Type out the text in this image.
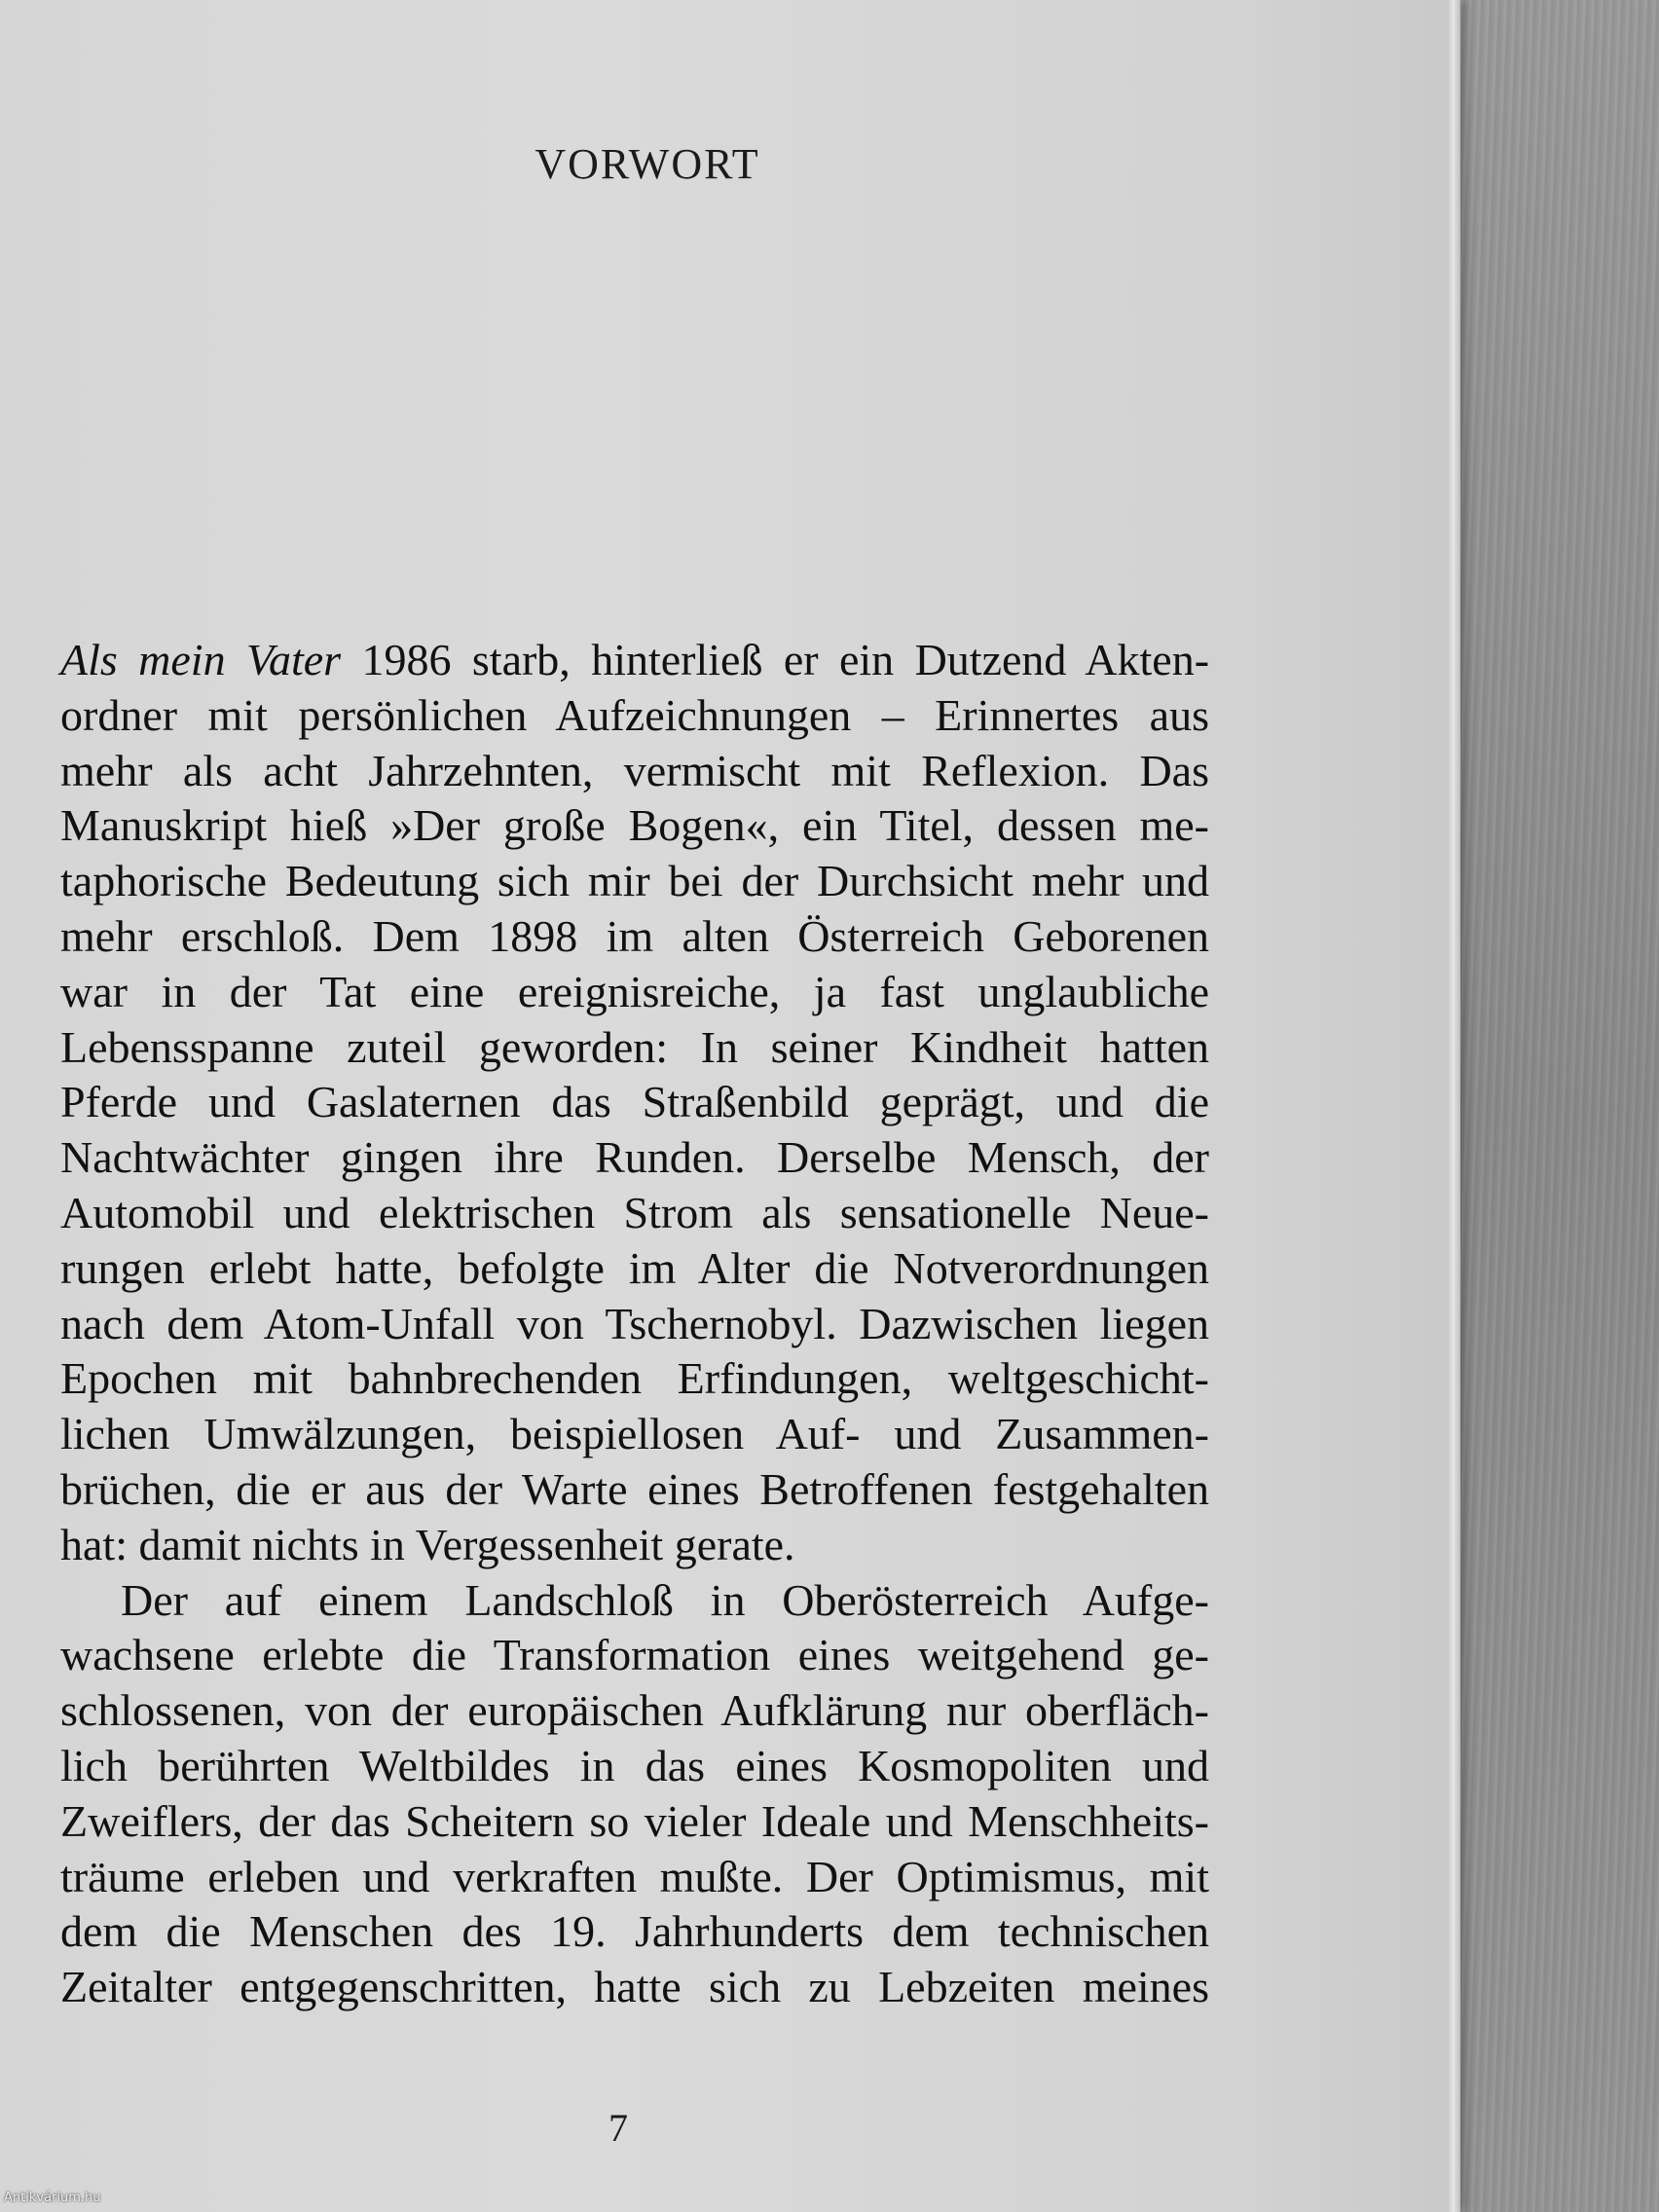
VORWORT
Als mein Vater 1986 starb, hinterließ er ein Dutzend Akten-
ordner mit persönlichen Aufzeichnungen – Erinnertes aus
mehr als acht Jahrzehnten, vermischt mit Reflexion. Das
Manuskript hieß »Der große Bogen«, ein Titel, dessen me-
taphorische Bedeutung sich mir bei der Durchsicht mehr und
mehr erschloß. Dem 1898 im alten Österreich Geborenen
war in der Tat eine ereignisreiche, ja fast unglaubliche
Lebensspanne zuteil geworden: In seiner Kindheit hatten
Pferde und Gaslaternen das Straßenbild geprägt, und die
Nachtwächter gingen ihre Runden. Derselbe Mensch, der
Automobil und elektrischen Strom als sensationelle Neue-
rungen erlebt hatte, befolgte im Alter die Notverordnungen
nach dem Atom-Unfall von Tschernobyl. Dazwischen liegen
Epochen mit bahnbrechenden Erfindungen, weltgeschicht-
lichen Umwälzungen, beispiellosen Auf- und Zusammen-
brüchen, die er aus der Warte eines Betroffenen festgehalten
hat: damit nichts in Vergessenheit gerate.
Der auf einem Landschloß in Oberösterreich Aufge-
wachsene erlebte die Transformation eines weitgehend ge-
schlossenen, von der europäischen Aufklärung nur oberfläch-
lich berührten Weltbildes in das eines Kosmopoliten und
Zweiflers, der das Scheitern so vieler Ideale und Menschheits-
träume erleben und verkraften mußte. Der Optimismus, mit
dem die Menschen des 19. Jahrhunderts dem technischen
Zeitalter entgegenschritten, hatte sich zu Lebzeiten meines
7
Antikvárium.hu
